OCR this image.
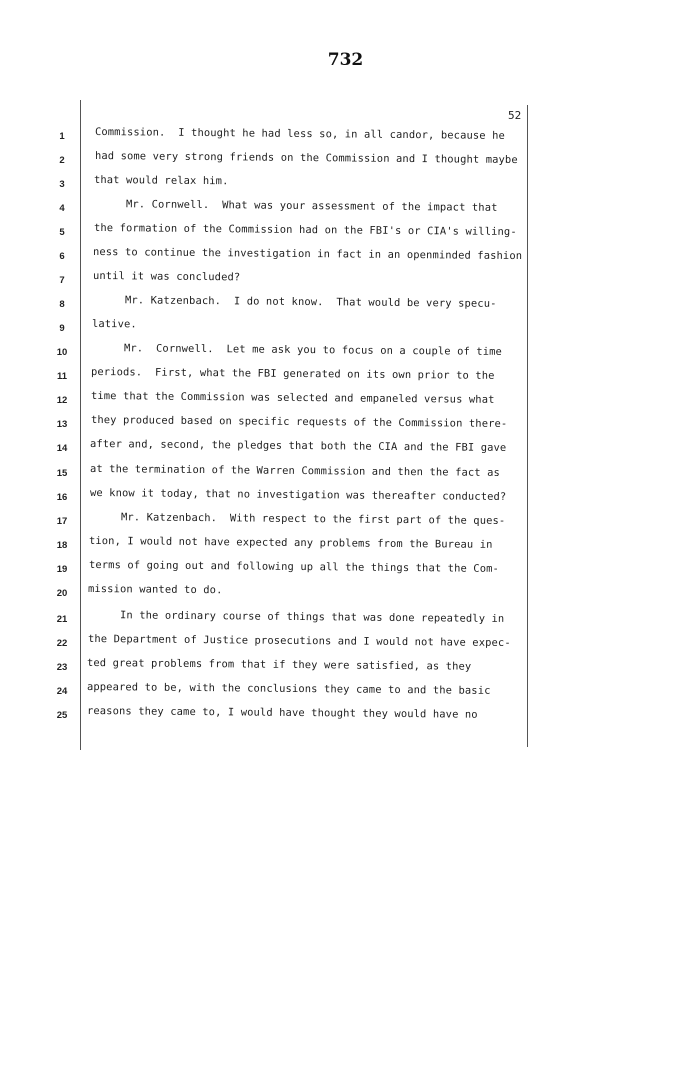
732
52
1	Commission.  I thought he had less so, in all candor, because he
2	had some very strong friends on the Commission and I thought maybe
3	that would relax him.
4	Mr. Cornwell.  What was your assessment of the impact that
5	the formation of the Commission had on the FBI's or CIA's willing-
6	ness to continue the investigation in fact in an openminded fashion
7	until it was concluded?
8	Mr. Katzenbach.  I do not know.  That would be very specu-
9	lative.
10	Mr.  Cornwell.  Let me ask you to focus on a couple of time
11	periods.  First, what the FBI generated on its own prior to the
12	time that the Commission was selected and empaneled versus what
13	they produced based on specific requests of the Commission there-
14	after and, second, the pledges that both the CIA and the FBI gave
15	at the termination of the Warren Commission and then the fact as
16	we know it today, that no investigation was thereafter conducted?
17	Mr. Katzenbach.  With respect to the first part of the ques-
18	tion, I would not have expected any problems from the Bureau in
19	terms of going out and following up all the things that the Com-
20	mission wanted to do.
21	In the ordinary course of things that was done repeatedly in
22	the Department of Justice prosecutions and I would not have expec-
23	ted great problems from that if they were satisfied, as they
24	appeared to be, with the conclusions they came to and the basic
25	reasons they came to, I would have thought they would have no
